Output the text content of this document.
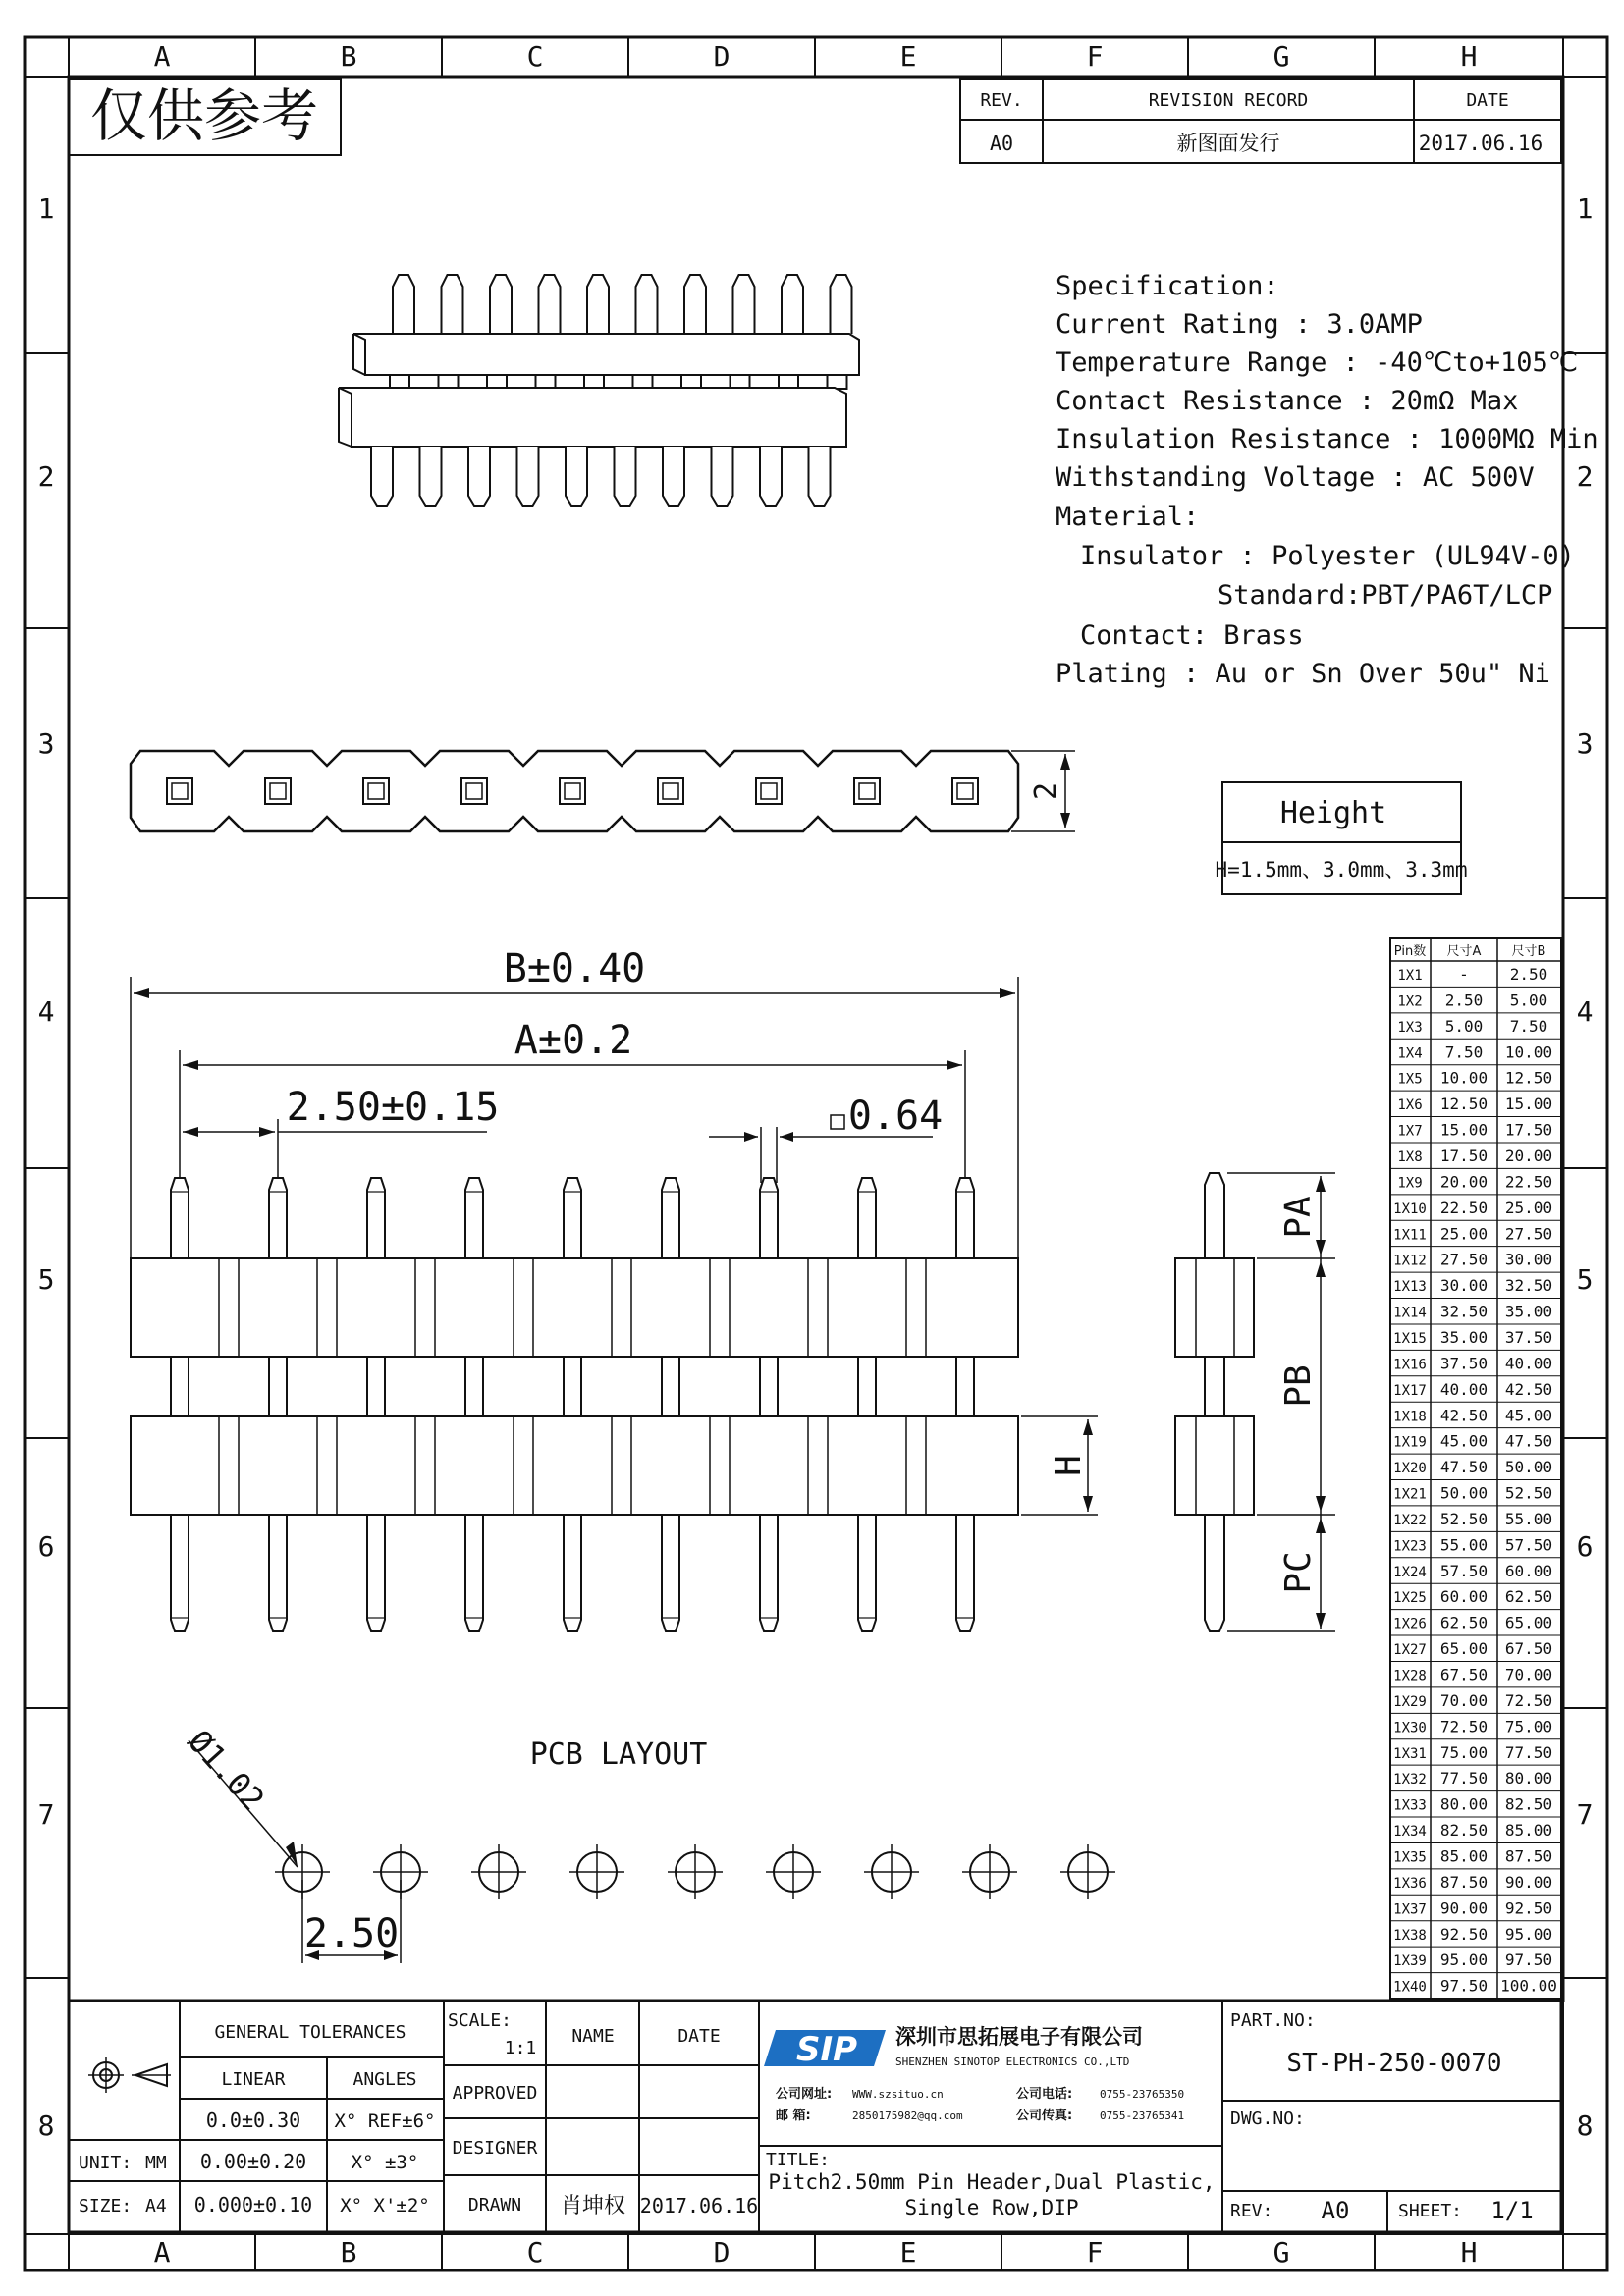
A
A
B
B
C
C
D
D
E
E
F
F
G
G
H
H
1	1
2	2
3	3
4	4
5	5
6	6
7	7
8	8
仅供参考	REV.	REVISION RECORD	DATE
A0	新图面发行	2017.06.16
Specification:
Current Rating : 3.0AMP
Temperature Range : -40℃to+105℃
Contact Resistance : 20mΩ Max
Insulation Resistance : 1000MΩ Min
Withstanding Voltage : AC 500V
Material:
Insulator : Polyester (UL94V-0)
Standard:PBT/PA6T/LCP
Contact: Brass
Plating : Au or Sn Over 50u" Ni
2
Height
H=1.5mm、3.0mm、3.3mm
B±0.40
A±0.2
2.50±0.15	0.64
H
PA
PB
PC
PCB LAYOUT
Ø1.02
2.50
Pin数 尺寸A 尺寸B
1X1 -	2.50
1X2 2.50 5.00
1X3 5.00 7.50
1X4 7.50 10.00
1X5 10.00 12.50
1X6 12.50 15.00
1X7 15.00 17.50
1X8 17.50 20.00
1X9 20.00 22.50
1X10 22.50 25.00
1X11 25.00 27.50
1X12 27.50 30.00
1X13 30.00 32.50
1X14 32.50 35.00
1X15 35.00 37.50
1X16 37.50 40.00
1X17 40.00 42.50
1X18 42.50 45.00
1X19 45.00 47.50
1X20 47.50 50.00
1X21 50.00 52.50
1X22 52.50 55.00
1X23 55.00 57.50
1X24 57.50 60.00
1X25 60.00 62.50
1X26 62.50 65.00
1X27 65.00 67.50
1X28 67.50 70.00
1X29 70.00 72.50
1X30 72.50 75.00
1X31 75.00 77.50
1X32 77.50 80.00
1X33 80.00 82.50
1X34 82.50 85.00
1X35 85.00 87.50
1X36 87.50 90.00
1X37 90.00 92.50
1X38 92.50 95.00
1X39 95.00 97.50
1X40 97.50 100.00
GENERAL TOLERANCES
LINEAR	ANGLES
0.0±0.30 X° REF±6°
0.00±0.20 X° ±3°
0.000±0.10 X° X'±2°
UNIT: MM
SIZE: A4
SCALE:
1:1
NAME	DATE
APPROVED
DESIGNER
DRAWN 肖坤权 2017.06.16
SIP 深圳市思拓展电子有限公司
SHENZHEN SINOTOP ELECTRONICS CO.,LTD
公司网址: WWW.szsituo.cn	公司电话:	0755-23765350
邮 箱:	2850175982@qq.com	公司传真:	0755-23765341
TITLE:
Pitch2.50mm Pin Header,Dual Plastic,
Single Row,DIP
PART.NO:
ST-PH-250-0070
DWG.NO:
REV: A0	SHEET: 1/1
